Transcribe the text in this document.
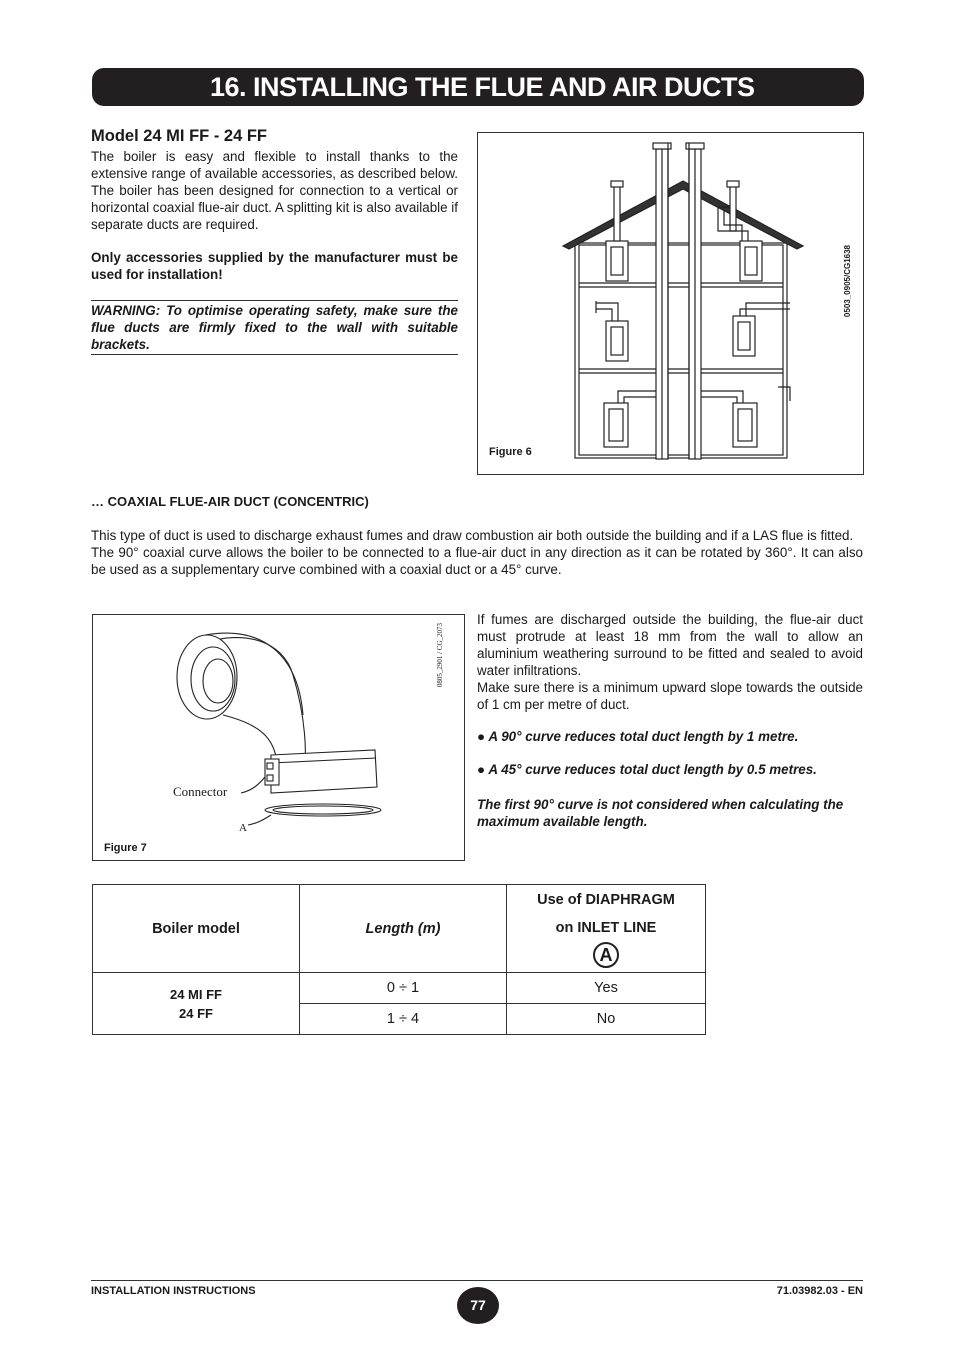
16. INSTALLING THE FLUE AND AIR DUCTS
Model 24 MI FF - 24 FF
The boiler is easy and flexible to install thanks to the extensive range of available accessories, as described below. The boiler has been designed for connection to a vertical or horizontal coaxial flue-air duct. A splitting kit is also available if separate ducts are required.
Only accessories supplied by the manufacturer must be used for installation!
WARNING: To optimise operating safety, make sure the flue ducts are firmly fixed to the wall with suitable brackets.
Figure 6
0503_0905/CG1638
… COAXIAL FLUE-AIR DUCT (CONCENTRIC)
This type of duct is used to discharge exhaust fumes and draw combustion air both outside the building and if a LAS flue is fitted.
The 90° coaxial curve allows the boiler to be connected to a flue-air duct in any direction as it can be rotated by 360°. It can also be used as a supplementary curve combined with a coaxial duct or a 45° curve.
Connector
A
Figure 7
0805_2901 / CG_2073
If fumes are discharged outside the building, the flue-air duct must protrude at least 18 mm from the wall to allow an aluminium weathering surround to be fitted and sealed to avoid water infiltrations.
Make sure there is a minimum upward slope towards the outside of 1 cm per metre of duct.
● A 90° curve reduces total duct length by 1 metre.
● A 45° curve reduces total duct length by 0.5 metres.
The first 90° curve is not considered when calculating the maximum available length.
Boiler model	Length (m)	Use of DIAPHRAGM
on INLET LINE
A

24 MI FF
24 FF	0 ÷ 1	Yes
	1 ÷ 4	No
INSTALLATION INSTRUCTIONS
77
71.03982.03 - EN
